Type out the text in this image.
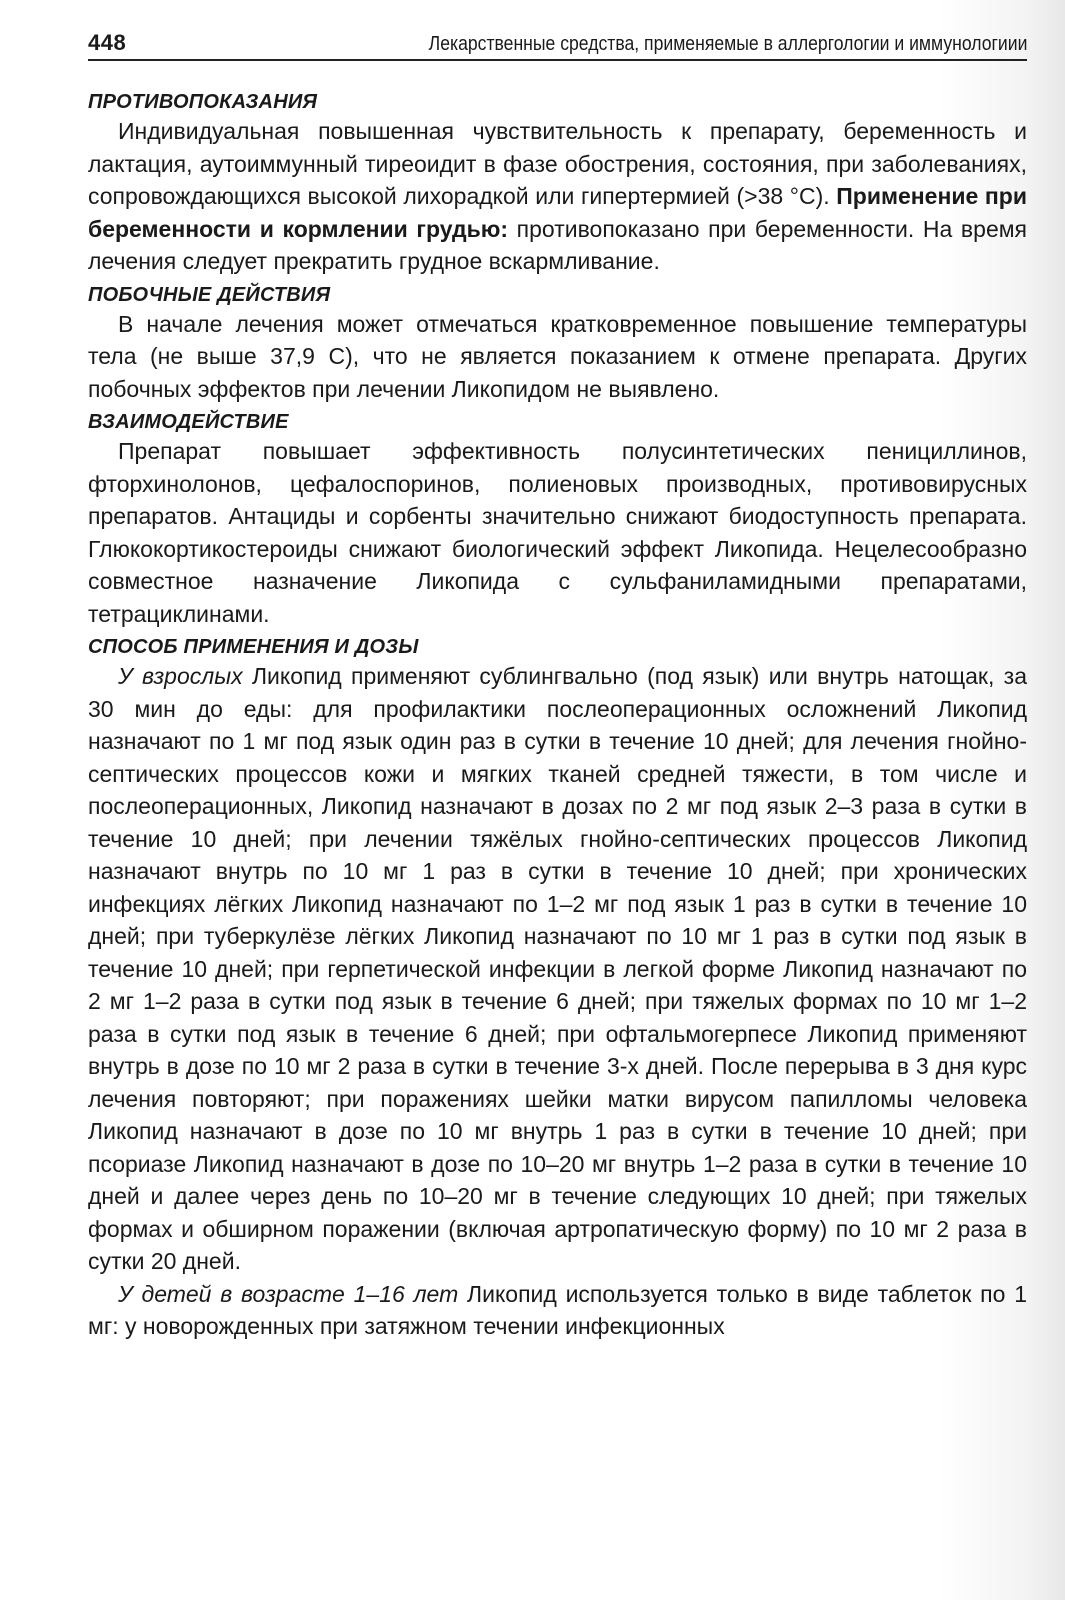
448	Лекарственные средства, применяемые в аллергологии и иммунологиии
ПРОТИВОПОКАЗАНИЯ

Индивидуальная повышенная чувствительность к препарату, беременность и лактация, аутоиммунный тиреоидит в фазе обострения, состояния, при заболеваниях, сопровождающихся высокой лихорадкой или гипертермией (>38 °С). Применение при беременности и кормлении грудью: противопоказано при беременности. На время лечения следует прекратить грудное вскармливание.

ПОБОЧНЫЕ ДЕЙСТВИЯ

В начале лечения может отмечаться кратковременное повышение температуры тела (не выше 37,9 С), что не является показанием к отмене препарата. Других побочных эффектов при лечении Ликопидом не выявлено.

ВЗАИМОДЕЙСТВИЕ

Препарат повышает эффективность полусинтетических пенициллинов, фторхинолонов, цефалоспоринов, полиеновых производных, противовирусных препаратов. Антациды и сорбенты значительно снижают биодоступность препарата. Глюкокортикостероиды снижают биологический эффект Ликопида. Нецелесообразно совместное назначение Ликопида с сульфаниламидными препаратами, тетрациклинами.

СПОСОБ ПРИМЕНЕНИЯ И ДОЗЫ

У взрослых Ликопид применяют сублингвально (под язык) или внутрь натощак, за 30 мин до еды: для профилактики послеоперационных осложнений Ликопид назначают по 1 мг под язык один раз в сутки в течение 10 дней; для лечения гнойно-септических процессов кожи и мягких тканей средней тяжести, в том числе и послеоперационных, Ликопид назначают в дозах по 2 мг под язык 2–3 раза в сутки в течение 10 дней; при лечении тяжёлых гнойно-септических процессов Ликопид назначают внутрь по 10 мг 1 раз в сутки в течение 10 дней; при хронических инфекциях лёгких Ликопид назначают по 1–2 мг под язык 1 раз в сутки в течение 10 дней; при туберкулёзе лёгких Ликопид назначают по 10 мг 1 раз в сутки под язык в течение 10 дней; при герпетической инфекции в легкой форме Ликопид назначают по 2 мг 1–2 раза в сутки под язык в течение 6 дней; при тяжелых формах по 10 мг 1–2 раза в сутки под язык в течение 6 дней; при офтальмогерпесе Ликопид применяют внутрь в дозе по 10 мг 2 раза в сутки в течение 3-х дней. После перерыва в 3 дня курс лечения повторяют; при поражениях шейки матки вирусом папилломы человека Ликопид назначают в дозе по 10 мг внутрь 1 раз в сутки в течение 10 дней; при псориазе Ликопид назначают в дозе по 10–20 мг внутрь 1–2 раза в сутки в течение 10 дней и далее через день по 10–20 мг в течение следующих 10 дней; при тяжелых формах и обширном поражении (включая артропатическую форму) по 10 мг 2 раза в сутки 20 дней.

У детей в возрасте 1–16 лет Ликопид используется только в виде таблеток по 1 мг: у новорожденных при затяжном течении инфекционных
